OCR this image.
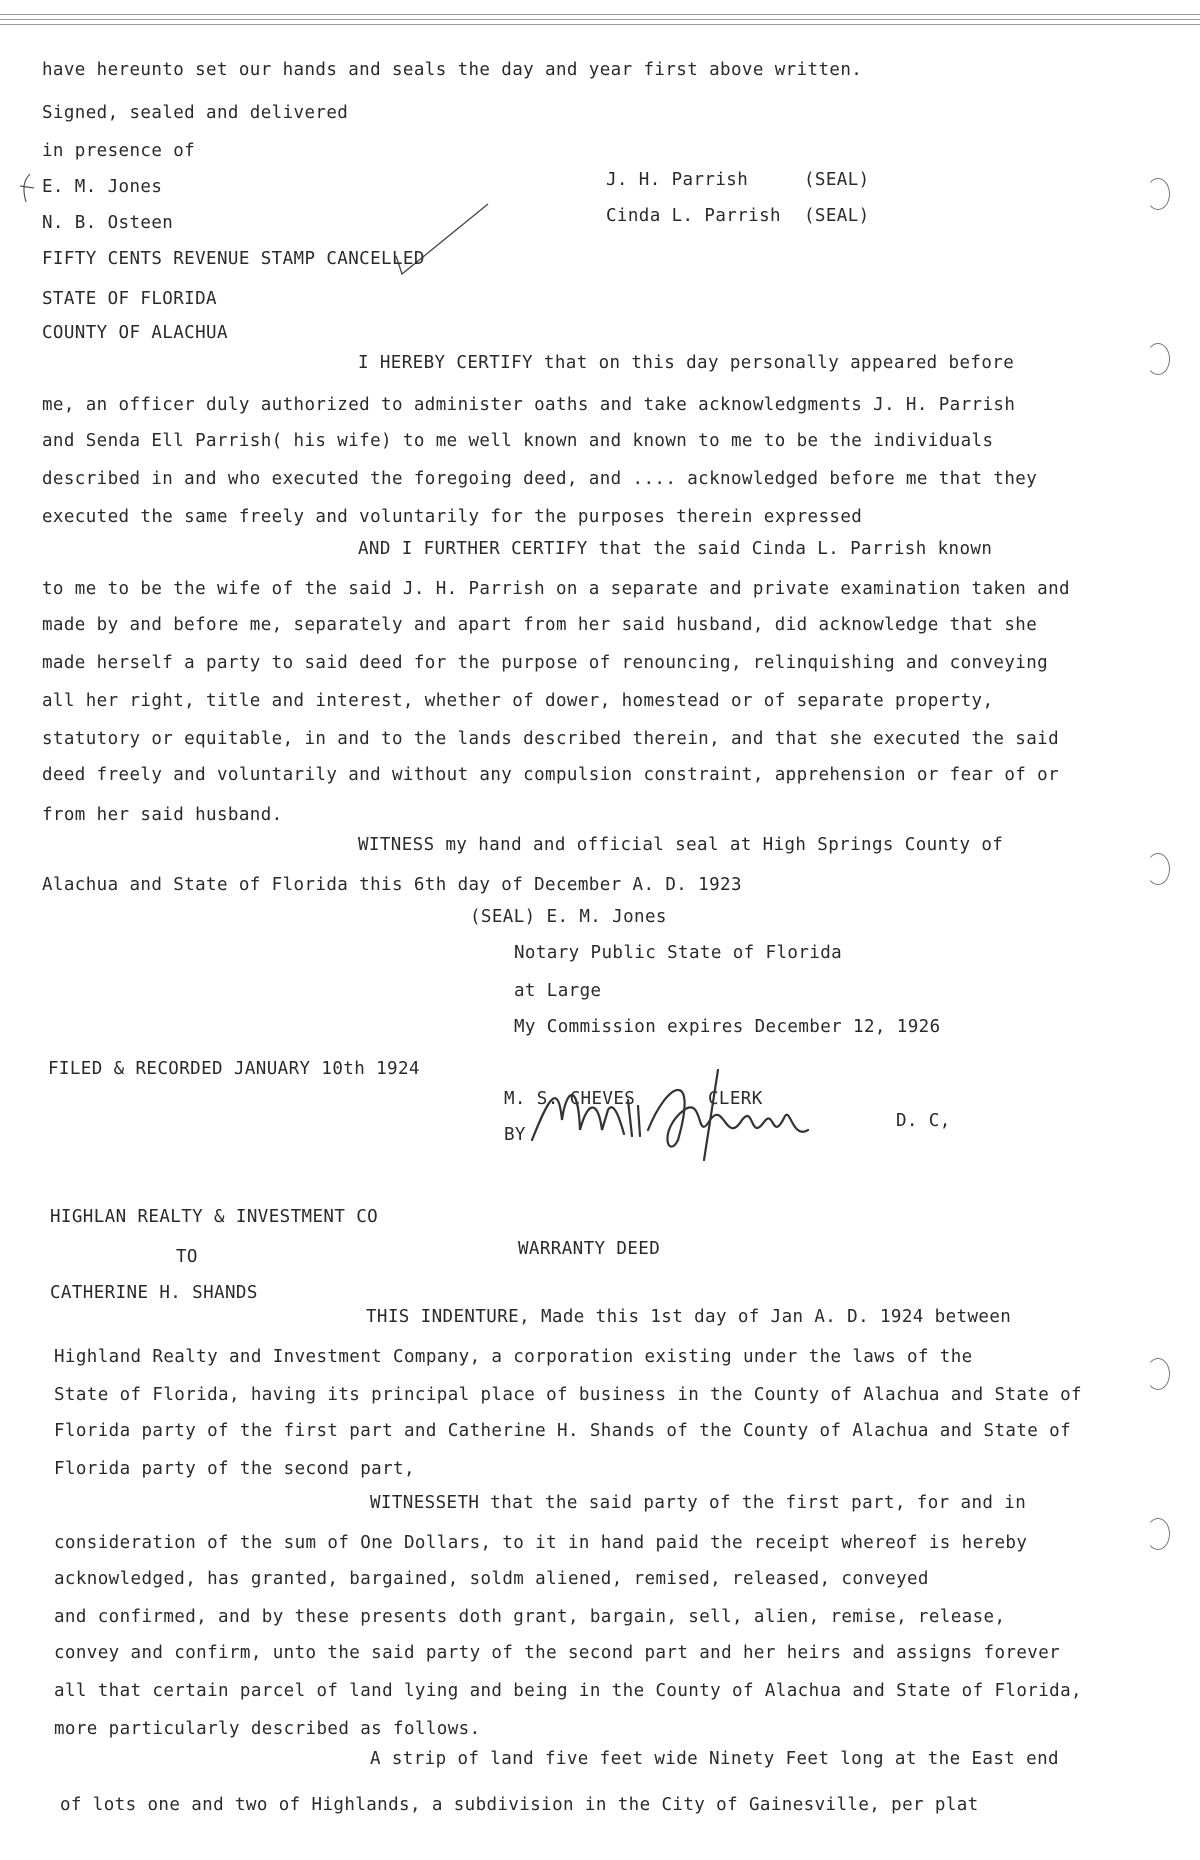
have hereunto set our hands and seals the day and year first above written.
Signed, sealed and delivered
in presence of
E. M. Jones	J. H. Parrish	(SEAL)
N. B. Osteen	Cinda L. Parrish (SEAL)
FIFTY CENTS REVENUE STAMP CANCELLED
STATE OF FLORIDA
COUNTY OF ALACHUA
I HEREBY CERTIFY that on this day personally appeared before
me, an officer duly authorized to administer oaths and take acknowledgments J. H. Parrish
and Senda Ell Parrish( his wife) to me well known and known to me to be the individuals
described in and who executed the foregoing deed, and .... acknowledged before me that they
executed the same freely and voluntarily for the purposes therein expressed
AND I FURTHER CERTIFY that the said Cinda L. Parrish known
to me to be the wife of the said J. H. Parrish on a separate and private examination taken and
made by and before me, separately and apart from her said husband, did acknowledge that she
made herself a party to said deed for the purpose of renouncing, relinquishing and conveying
all her right, title and interest, whether of dower, homestead or of separate property,
statutory or equitable, in and to the lands described therein, and that she executed the said
deed freely and voluntarily and without any compulsion constraint, apprehension or fear of or
from her said husband.
WITNESS my hand and official seal at High Springs County of
Alachua and State of Florida this 6th day of December A. D. 1923
(SEAL) E. M. Jones
Notary Public State of Florida
at Large
My Commission expires December 12, 1926
FILED & RECORDED JANUARY 10th 1924
M. S. CHEVES	CLERK
BY
D. C,
HIGHLAN REALTY & INVESTMENT CO
TO	WARRANTY DEED
CATHERINE H. SHANDS
THIS INDENTURE, Made this 1st day of Jan A. D. 1924 between
Highland Realty and Investment Company, a corporation existing under the laws of the
State of Florida, having its principal place of business in the County of Alachua and State of
Florida party of the first part and Catherine H. Shands of the County of Alachua and State of
Florida party of the second part,
WITNESSETH that the said party of the first part, for and in
consideration of the sum of One Dollars, to it in hand paid the receipt whereof is hereby
acknowledged, has granted, bargained, soldm aliened, remised, released, conveyed
and confirmed, and by these presents doth grant, bargain, sell, alien, remise, release,
convey and confirm, unto the said party of the second part and her heirs and assigns forever
all that certain parcel of land lying and being in the County of Alachua and State of Florida,
more particularly described as follows.
A strip of land five feet wide Ninety Feet long at the East end
of lots one and two of Highlands, a subdivision in the City of Gainesville, per plat
